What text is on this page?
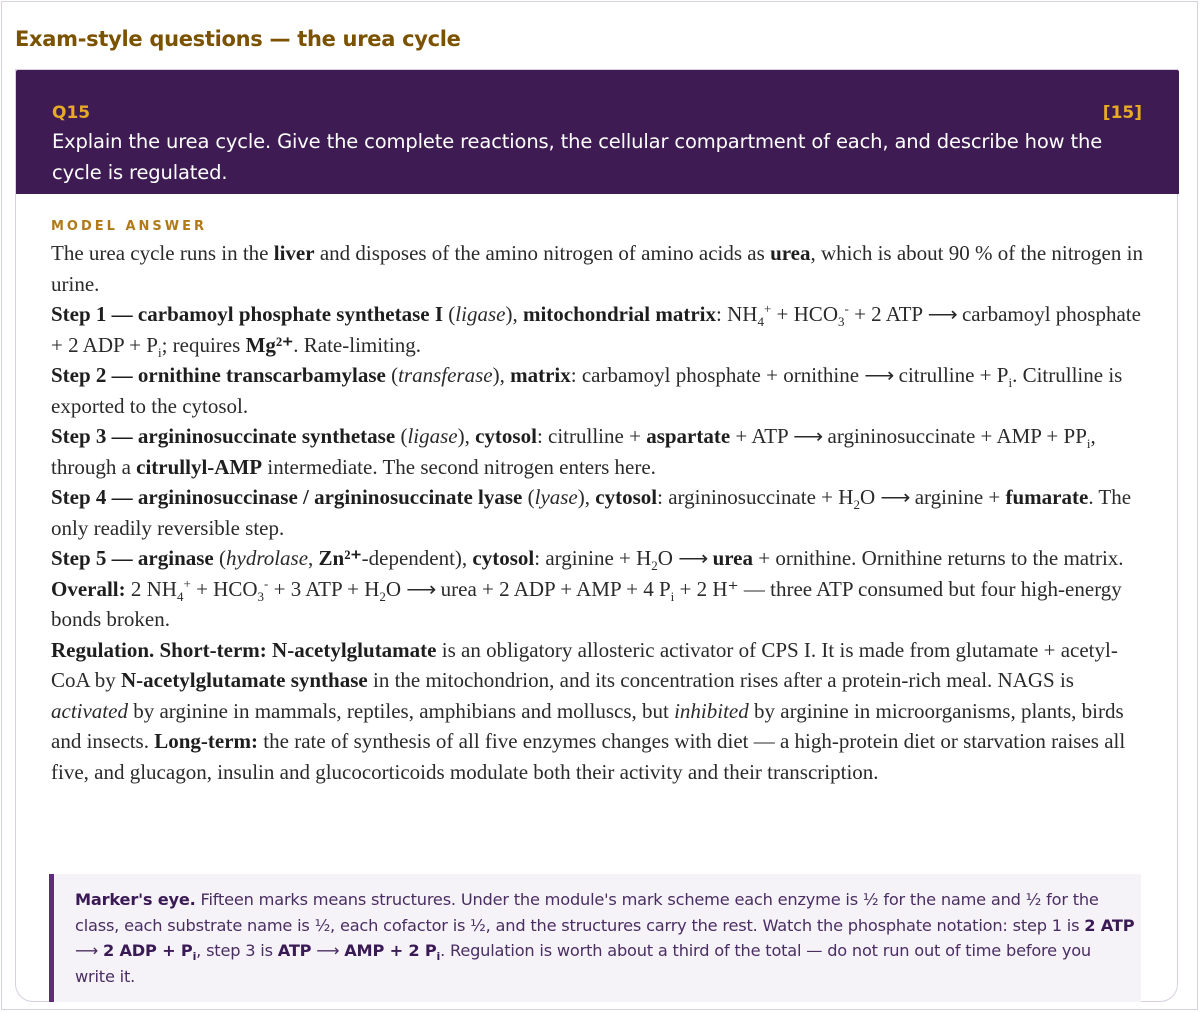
Exam-style questions — the urea cycle
Q15	[15]
Explain the urea cycle. Give the complete reactions, the cellular compartment of each, and describe how the cycle is regulated.
MODEL ANSWER

The urea cycle runs in the liver and disposes of the amino nitrogen of amino acids as urea, which is about 90 % of the nitrogen in urine.

Step 1 — carbamoyl phosphate synthetase I (ligase), mitochondrial matrix: $NH_4^+ + HCO_3^- + 2$ ATP ⟶ carbamoyl phosphate + 2 ADP + $P_i$; requires Mg²⁺. Rate-limiting.

Step 2 — ornithine transcarbamylase (transferase), matrix: carbamoyl phosphate + ornithine ⟶ citrulline + $P_i$. Citrulline is exported to the cytosol.

Step 3 — argininosuccinate synthetase (ligase), cytosol: citrulline + aspartate + ATP ⟶ argininosuccinate + AMP + $PP_i$, through a citrullyl-AMP intermediate. The second nitrogen enters here.

Step 4 — argininosuccinase / argininosuccinate lyase (lyase), cytosol: argininosuccinate + $H_2O$ ⟶ arginine + fumarate. The only readily reversible step.

Step 5 — arginase (hydrolase, Zn²⁺-dependent), cytosol: arginine + $H_2O$ ⟶ urea + ornithine. Ornithine returns to the matrix.

Overall: 2 $NH_4^+ + HCO_3^- + 3$ ATP + $H_2O$ ⟶ urea + 2 ADP + AMP + 4 $P_i + 2$ H⁺ — three ATP consumed but four high-energy bonds broken.

Regulation. Short-term: N-acetylglutamate is an obligatory allosteric activator of CPS I. It is made from glutamate + acetyl-CoA by N-acetylglutamate synthase in the mitochondrion, and its concentration rises after a protein-rich meal. NAGS is activated by arginine in mammals, reptiles, amphibians and molluscs, but inhibited by arginine in microorganisms, plants, birds and insects. Long-term: the rate of synthesis of all five enzymes changes with diet — a high-protein diet or starvation raises all five, and glucagon, insulin and glucocorticoids modulate both their activity and their transcription.

Marker's eye. Fifteen marks means structures. Under the module's mark scheme each enzyme is ½ for the name and ½ for the class, each substrate name is ½, each cofactor is ½, and the structures carry the rest. Watch the phosphate notation: step 1 is 2 ATP ⟶ 2 ADP + $P_i$, step 3 is ATP ⟶ AMP + 2 $P_i$. Regulation is worth about a third of the total — do not run out of time before you write it.
